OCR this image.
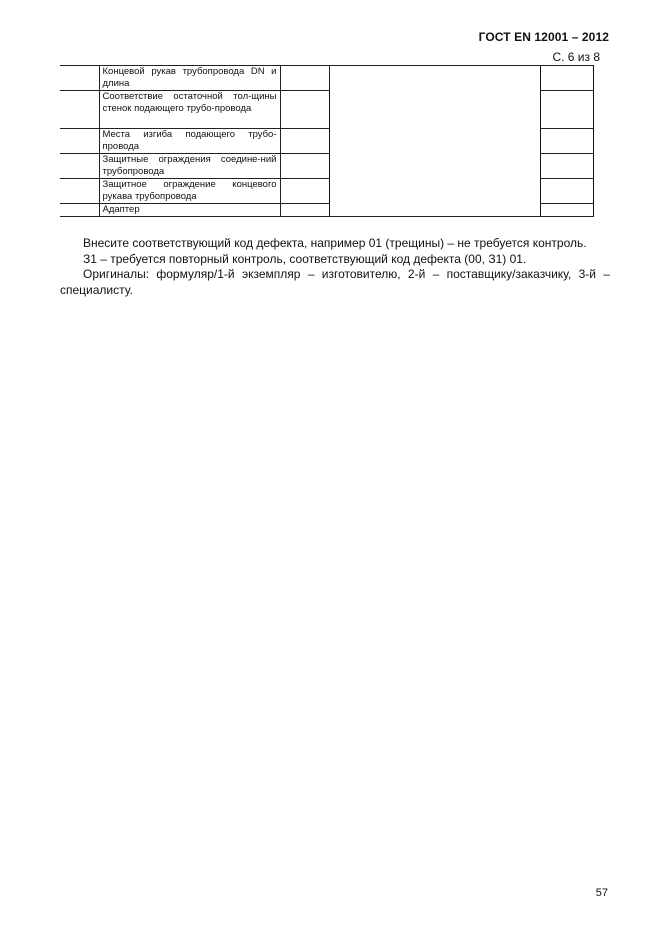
ГОСТ EN 12001 – 2012
С. 6 из 8
	Концевой рукав трубопровода DN и длина			
	Соответствие остаточной тол-щины стенок подающего трубо-провода			
	Места изгиба подающего трубо-провода			
	Защитные ограждения соедине-ний трубопровода			
	Защитное ограждение концевого рукава трубопровода			
	Адаптер			

Внесите соответствующий код дефекта, например 01 (трещины) – не требуется контроль.

З1 – требуется повторный контроль, соответствующий код дефекта (00, З1) 01.

Оригиналы: формуляр/1-й экземпляр – изготовителю, 2-й – поставщику/заказчику, 3-й – специалисту.

57
